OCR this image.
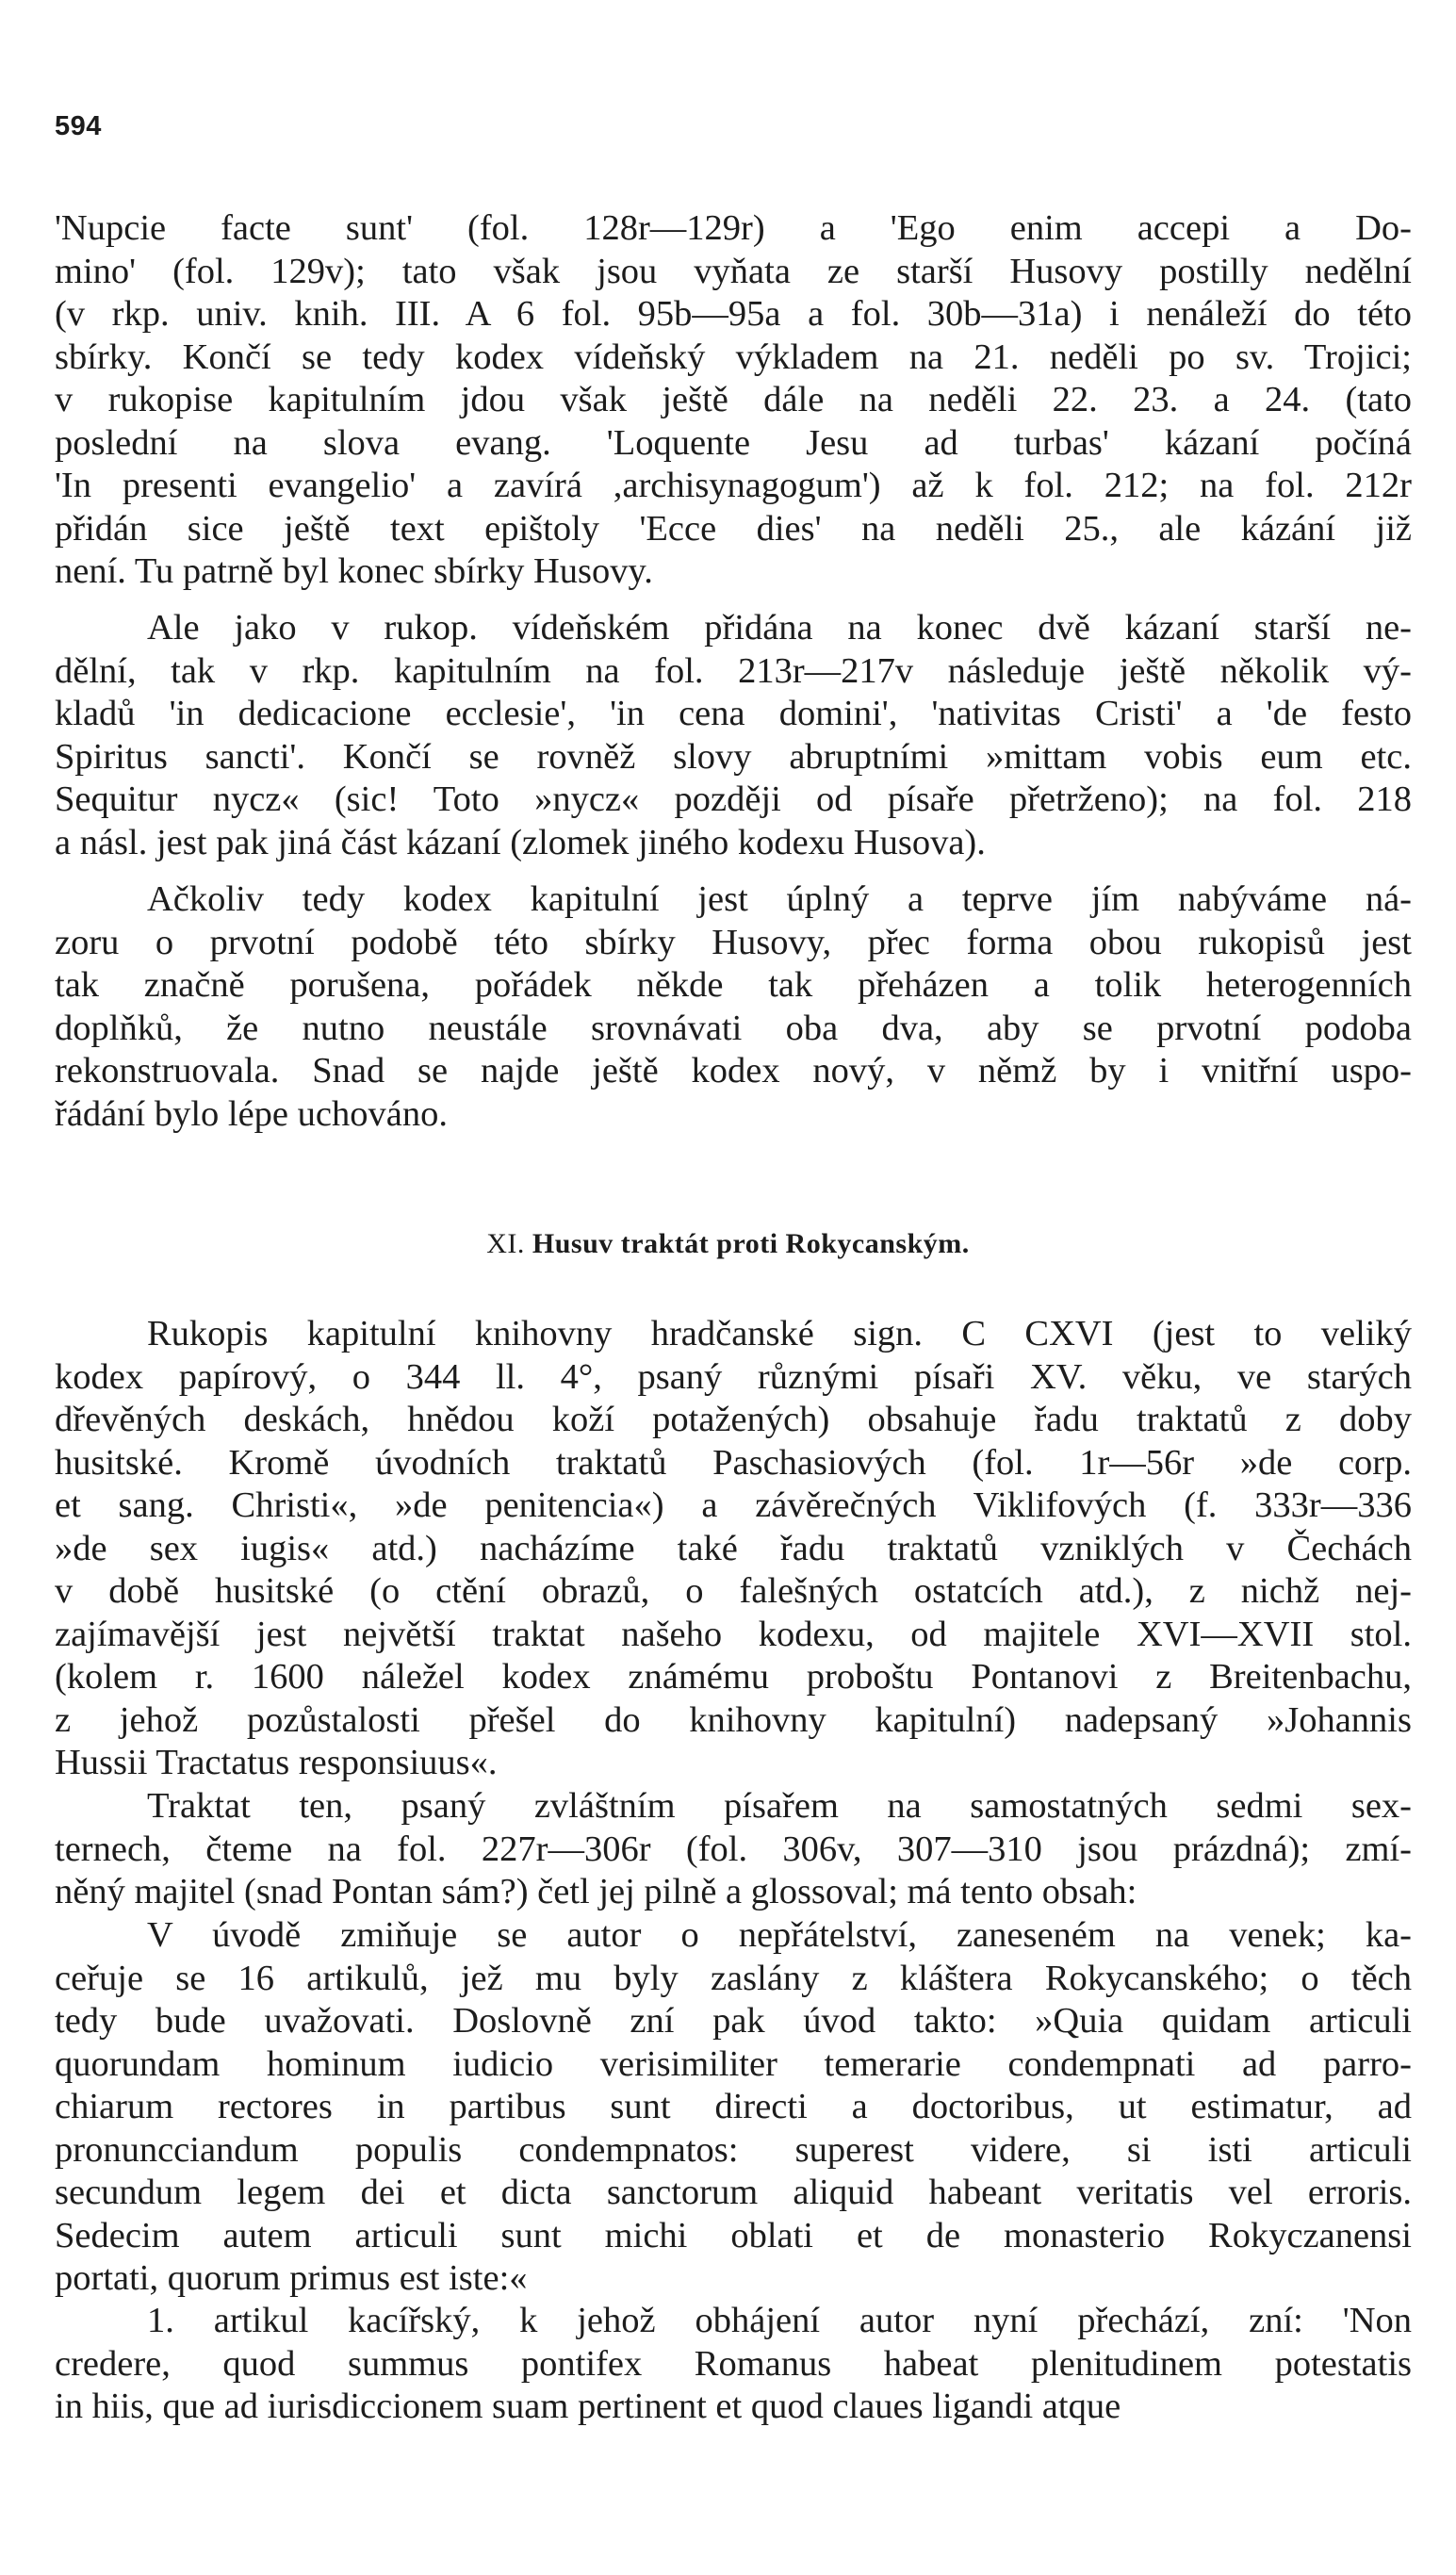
594
'Nupcie facte sunt' (fol. 128r—129r) a 'Ego enim accepi a Do-
mino' (fol. 129v); tato však jsou vyňata ze starší Husovy postilly nedělní
(v rkp. univ. knih. III. A 6 fol. 95b—95a a fol. 30b—31a) i nenáleží do této
sbírky. Končí se tedy kodex vídeňský výkladem na 21. neděli po sv. Trojici;
v rukopise kapitulním jdou však ještě dále na neděli 22. 23. a 24. (tato
poslední na slova evang. 'Loquente Jesu ad turbas' kázaní počíná
'In presenti evangelio' a zavírá ,archisynagogum') až k fol. 212; na fol. 212r
přidán sice ještě text epištoly 'Ecce dies' na neděli 25., ale kázání již
není. Tu patrně byl konec sbírky Husovy.
Ale jako v rukop. vídeňském přidána na konec dvě kázaní starší ne-
dělní, tak v rkp. kapitulním na fol. 213r—217v následuje ještě několik vý-
kladů 'in dedicacione ecclesie', 'in cena domini', 'nativitas Cristi' a 'de festo
Spiritus sancti'. Končí se rovněž slovy abruptními »mittam vobis eum etc.
Sequitur nycz« (sic! Toto »nycz« později od písaře přetrženo); na fol. 218
a násl. jest pak jiná část kázaní (zlomek jiného kodexu Husova).
Ačkoliv tedy kodex kapitulní jest úplný a teprve jím nabýváme ná-
zoru o prvotní podobě této sbírky Husovy, přec forma obou rukopisů jest
tak značně porušena, pořádek někde tak přeházen a tolik heterogenních
doplňků, že nutno neustále srovnávati oba dva, aby se prvotní podoba
rekonstruovala. Snad se najde ještě kodex nový, v němž by i vnitřní uspo-
řádání bylo lépe uchováno.
XI. Husuv traktát proti Rokycanským.
Rukopis kapitulní knihovny hradčanské sign. C CXVI (jest to veliký
kodex papírový, o 344 ll. 4°, psaný různými písaři XV. věku, ve starých
dřevěných deskách, hnědou koží potažených) obsahuje řadu traktatů z doby
husitské. Kromě úvodních traktatů Paschasiových (fol. 1r—56r »de corp.
et sang. Christi«, »de penitencia«) a závěrečných Viklifových (f. 333r—336
»de sex iugis« atd.) nacházíme také řadu traktatů vzniklých v Čechách
v době husitské (o ctění obrazů, o falešných ostatcích atd.), z nichž nej-
zajímavější jest největší traktat našeho kodexu, od majitele XVI—XVII stol.
(kolem r. 1600 náležel kodex známému proboštu Pontanovi z Breitenbachu,
z jehož pozůstalosti přešel do knihovny kapitulní) nadepsaný »Johannis
Hussii Tractatus responsiuus«.
Traktat ten, psaný zvláštním písařem na samostatných sedmi sex-
ternech, čteme na fol. 227r—306r (fol. 306v, 307—310 jsou prázdná); zmí-
něný majitel (snad Pontan sám?) četl jej pilně a glossoval; má tento obsah:
V úvodě zmiňuje se autor o nepřátelství, zaneseném na venek; ka-
ceřuje se 16 artikulů, jež mu byly zaslány z kláštera Rokycanského; o těch
tedy bude uvažovati. Doslovně zní pak úvod takto: »Quia quidam articuli
quorundam hominum iudicio verisimiliter temerarie condempnati ad parro-
chiarum rectores in partibus sunt directi a doctoribus, ut estimatur, ad
pronuncciandum populis condempnatos: superest videre, si isti articuli
secundum legem dei et dicta sanctorum aliquid habeant veritatis vel erroris.
Sedecim autem articuli sunt michi oblati et de monasterio Rokyczanensi
portati, quorum primus est iste:«
1. artikul kacířský, k jehož obhájení autor nyní přechází, zní: 'Non
credere, quod summus pontifex Romanus habeat plenitudinem potestatis
in hiis, que ad iurisdiccionem suam pertinent et quod claues ligandi atque
